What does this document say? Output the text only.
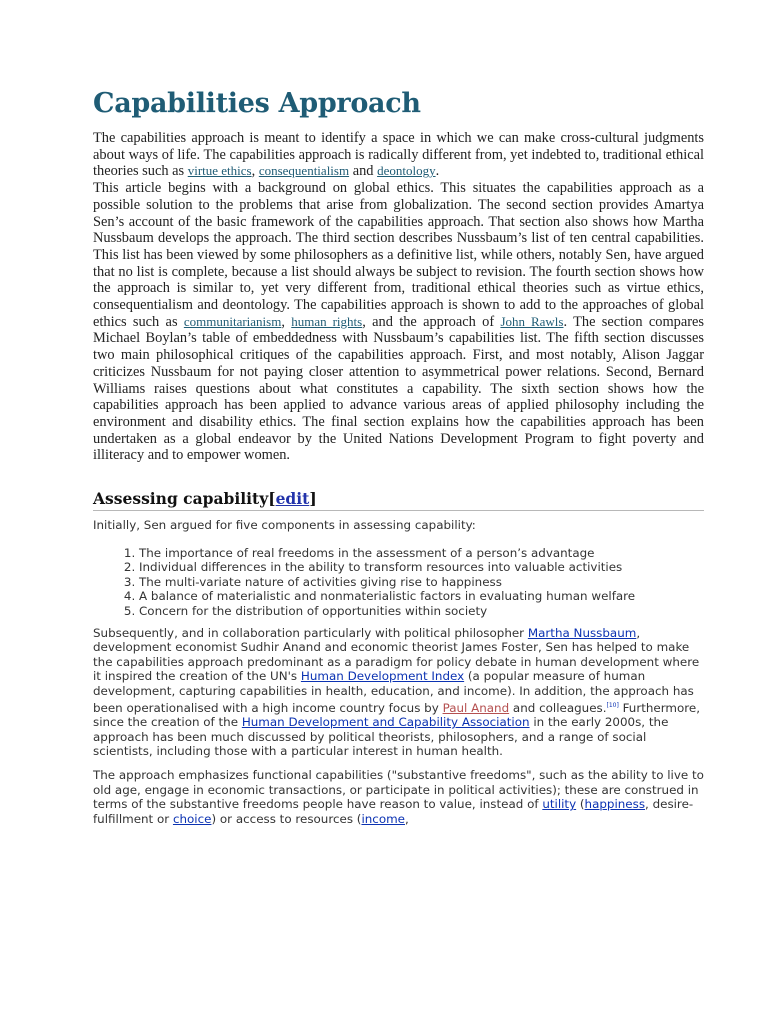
Capabilities Approach

The capabilities approach is meant to identify a space in which we can make cross-cultural judgments about ways of life. The capabilities approach is radically different from, yet indebted to, traditional ethical theories such as virtue ethics, consequentialism and deontology.

This article begins with a background on global ethics. This situates the capabilities approach as a possible solution to the problems that arise from globalization. The second section provides Amartya Sen’s account of the basic framework of the capabilities approach. That section also shows how Martha Nussbaum develops the approach. The third section describes Nussbaum’s list of ten central capabilities. This list has been viewed by some philosophers as a definitive list, while others, notably Sen, have argued that no list is complete, because a list should always be subject to revision. The fourth section shows how the approach is similar to, yet very different from, traditional ethical theories such as virtue ethics, consequentialism and deontology. The capabilities approach is shown to add to the approaches of global ethics such as communitarianism, human rights, and the approach of John Rawls. The section compares Michael Boylan’s table of embeddedness with Nussbaum’s capabilities list. The fifth section discusses two main philosophical critiques of the capabilities approach. First, and most notably, Alison Jaggar criticizes Nussbaum for not paying closer attention to asymmetrical power relations. Second, Bernard Williams raises questions about what constitutes a capability. The sixth section shows how the capabilities approach has been applied to advance various areas of applied philosophy including the environment and disability ethics. The final section explains how the capabilities approach has been undertaken as a global endeavor by the United Nations Development Program to fight poverty and illiteracy and to empower women.

Assessing capability[edit]

Initially, Sen argued for five components in assessing capability:

1. The importance of real freedoms in the assessment of a person’s advantage
2. Individual differences in the ability to transform resources into valuable activities
3. The multi-variate nature of activities giving rise to happiness
4. A balance of materialistic and nonmaterialistic factors in evaluating human welfare
5. Concern for the distribution of opportunities within society

Subsequently, and in collaboration particularly with political philosopher Martha Nussbaum, development economist Sudhir Anand and economic theorist James Foster, Sen has helped to make the capabilities approach predominant as a paradigm for policy debate in human development where it inspired the creation of the UN's Human Development Index (a popular measure of human development, capturing capabilities in health, education, and income). In addition, the approach has been operationalised with a high income country focus by Paul Anand and colleagues.[10] Furthermore, since the creation of the Human Development and Capability Association in the early 2000s, the approach has been much discussed by political theorists, philosophers, and a range of social scientists, including those with a particular interest in human health.

The approach emphasizes functional capabilities ("substantive freedoms", such as the ability to live to old age, engage in economic transactions, or participate in political activities); these are construed in terms of the substantive freedoms people have reason to value, instead of utility (happiness, desire-fulfillment or choice) or access to resources (income,
